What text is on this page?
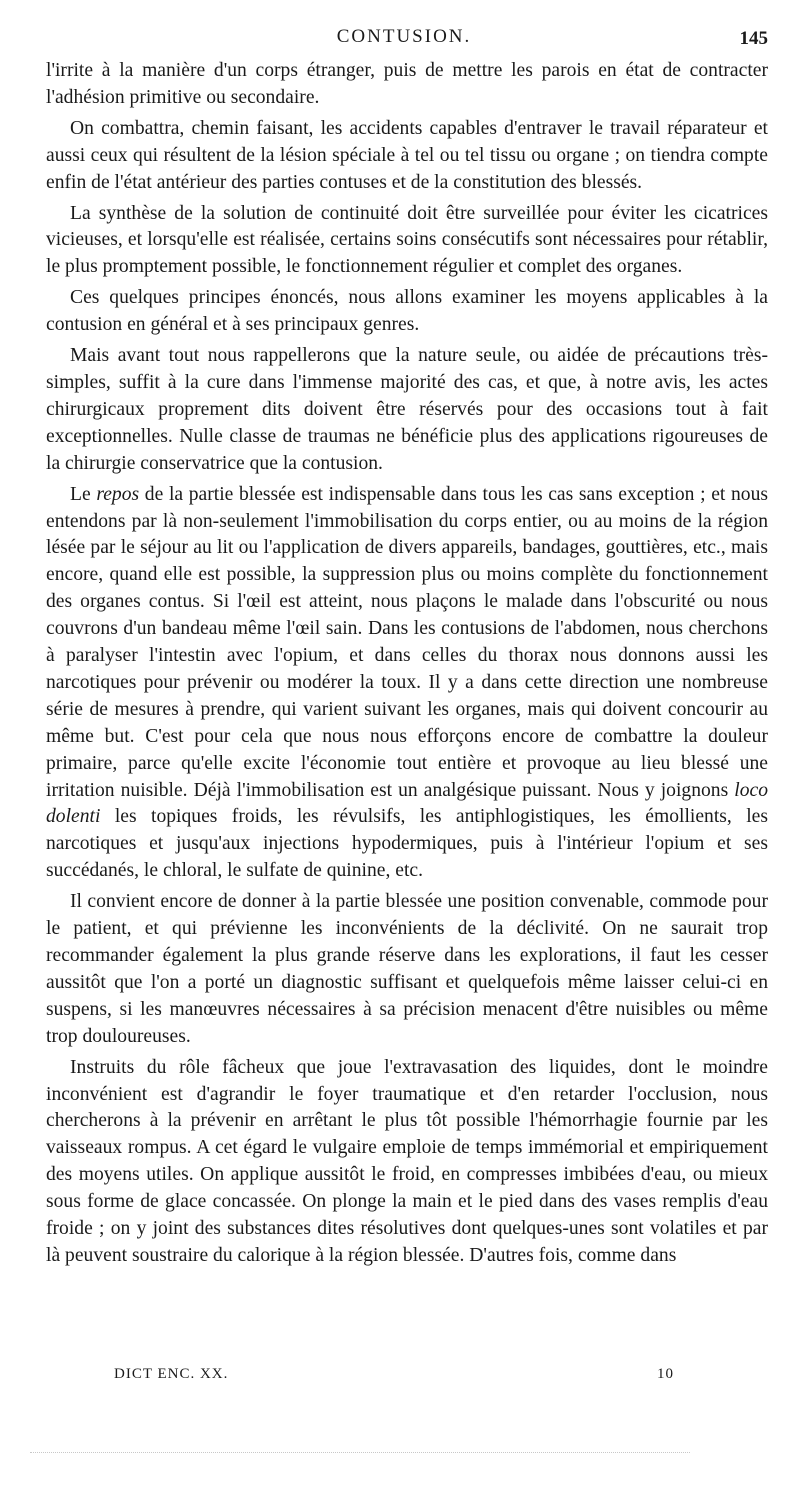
CONTUSION.	145

l'irrite à la manière d'un corps étranger, puis de mettre les parois en état de contracter l'adhésion primitive ou secondaire.

On combattra, chemin faisant, les accidents capables d'entraver le travail réparateur et aussi ceux qui résultent de la lésion spéciale à tel ou tel tissu ou organe ; on tiendra compte enfin de l'état antérieur des parties contuses et de la constitution des blessés.

La synthèse de la solution de continuité doit être surveillée pour éviter les cicatrices vicieuses, et lorsqu'elle est réalisée, certains soins consécutifs sont nécessaires pour rétablir, le plus promptement possible, le fonctionnement régulier et complet des organes.

Ces quelques principes énoncés, nous allons examiner les moyens applicables à la contusion en général et à ses principaux genres.

Mais avant tout nous rappellerons que la nature seule, ou aidée de précautions très-simples, suffit à la cure dans l'immense majorité des cas, et que, à notre avis, les actes chirurgicaux proprement dits doivent être réservés pour des occasions tout à fait exceptionnelles. Nulle classe de traumas ne bénéficie plus des applications rigoureuses de la chirurgie conservatrice que la contusion.

Le repos de la partie blessée est indispensable dans tous les cas sans exception ; et nous entendons par là non-seulement l'immobilisation du corps entier, ou au moins de la région lésée par le séjour au lit ou l'application de divers appareils, bandages, gouttières, etc., mais encore, quand elle est possible, la suppression plus ou moins complète du fonctionnement des organes contus. Si l'œil est atteint, nous plaçons le malade dans l'obscurité ou nous couvrons d'un bandeau même l'œil sain. Dans les contusions de l'abdomen, nous cherchons à paralyser l'intestin avec l'opium, et dans celles du thorax nous donnons aussi les narcotiques pour prévenir ou modérer la toux. Il y a dans cette direction une nombreuse série de mesures à prendre, qui varient suivant les organes, mais qui doivent concourir au même but. C'est pour cela que nous nous efforçons encore de combattre la douleur primaire, parce qu'elle excite l'économie tout entière et provoque au lieu blessé une irritation nuisible. Déjà l'immobilisation est un analgésique puissant. Nous y joignons loco dolenti les topiques froids, les révulsifs, les antiphlogistiques, les émollients, les narcotiques et jusqu'aux injections hypodermiques, puis à l'intérieur l'opium et ses succédanés, le chloral, le sulfate de quinine, etc.

Il convient encore de donner à la partie blessée une position convenable, commode pour le patient, et qui prévienne les inconvénients de la déclivité. On ne saurait trop recommander également la plus grande réserve dans les explorations, il faut les cesser aussitôt que l'on a porté un diagnostic suffisant et quelquefois même laisser celui-ci en suspens, si les manœuvres nécessaires à sa précision menacent d'être nuisibles ou même trop douloureuses.

Instruits du rôle fâcheux que joue l'extravasation des liquides, dont le moindre inconvénient est d'agrandir le foyer traumatique et d'en retarder l'occlusion, nous chercherons à la prévenir en arrêtant le plus tôt possible l'hémorrhagie fournie par les vaisseaux rompus. A cet égard le vulgaire emploie de temps immémorial et empiriquement des moyens utiles. On applique aussitôt le froid, en compresses imbibées d'eau, ou mieux sous forme de glace concassée. On plonge la main et le pied dans des vases remplis d'eau froide ; on y joint des substances dites résolutives dont quelques-unes sont volatiles et par là peuvent soustraire du calorique à la région blessée. D'autres fois, comme dans

DICT ENC. XX.	10
